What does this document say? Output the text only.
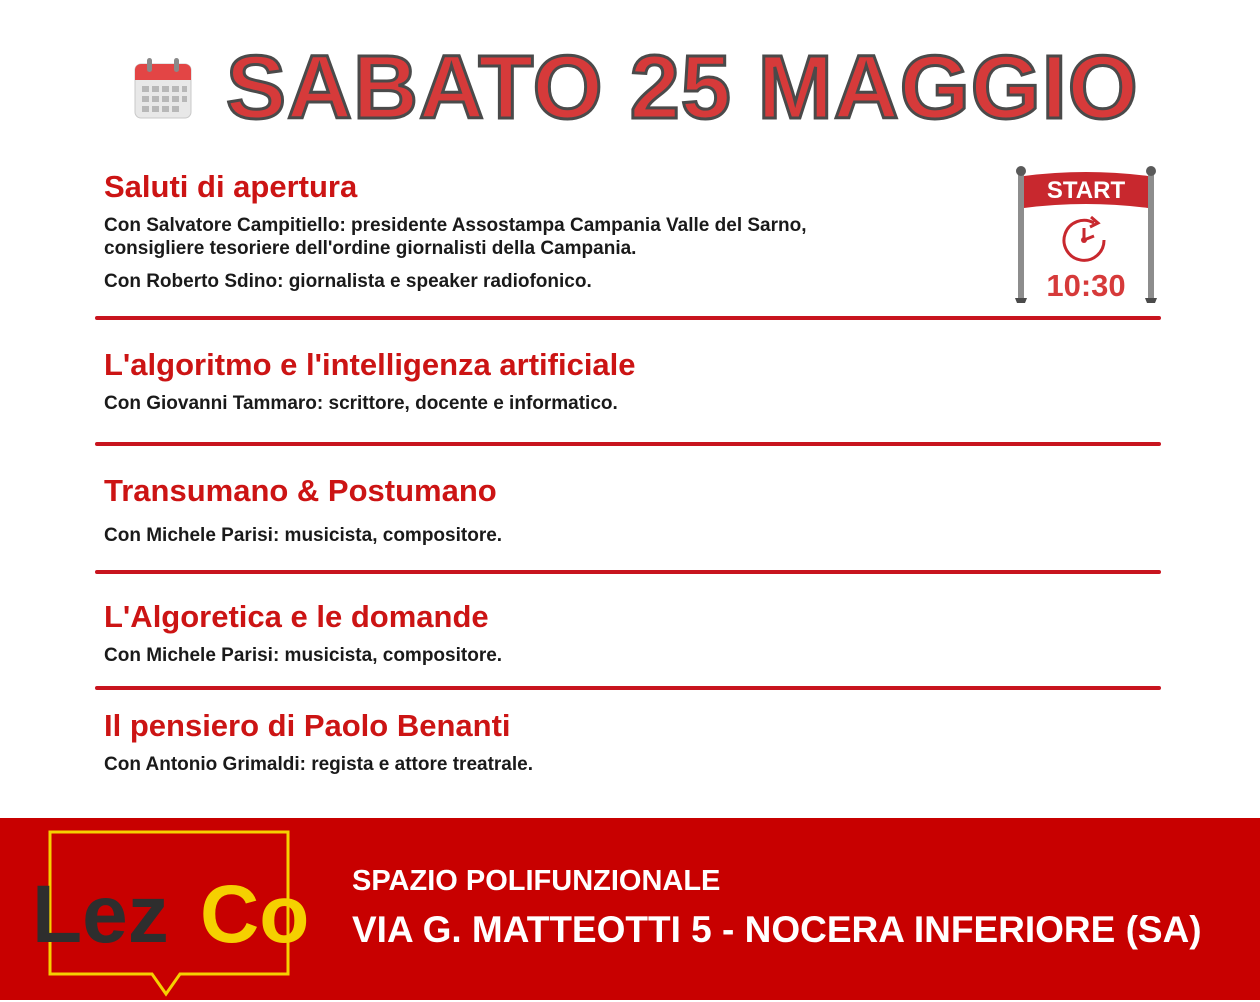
SABATO 25 MAGGIO
START
10:30
Saluti di apertura
Con Salvatore Campitiello: presidente Assostampa Campania Valle del Sarno,
consigliere tesoriere dell'ordine giornalisti della Campania.
Con Roberto Sdino: giornalista e speaker radiofonico.
L'algoritmo e l'intelligenza artificiale
Con Giovanni Tammaro: scrittore, docente e informatico.
Transumano & Postumano
Con Michele Parisi: musicista, compositore.
L'Algoretica e le domande
Con Michele Parisi: musicista, compositore.
Il pensiero di Paolo Benanti
Con Antonio Grimaldi: regista e attore treatrale.
Lez Co SPAZIO POLIFUNZIONALE
VIA G. MATTEOTTI 5 - NOCERA INFERIORE (SA)
